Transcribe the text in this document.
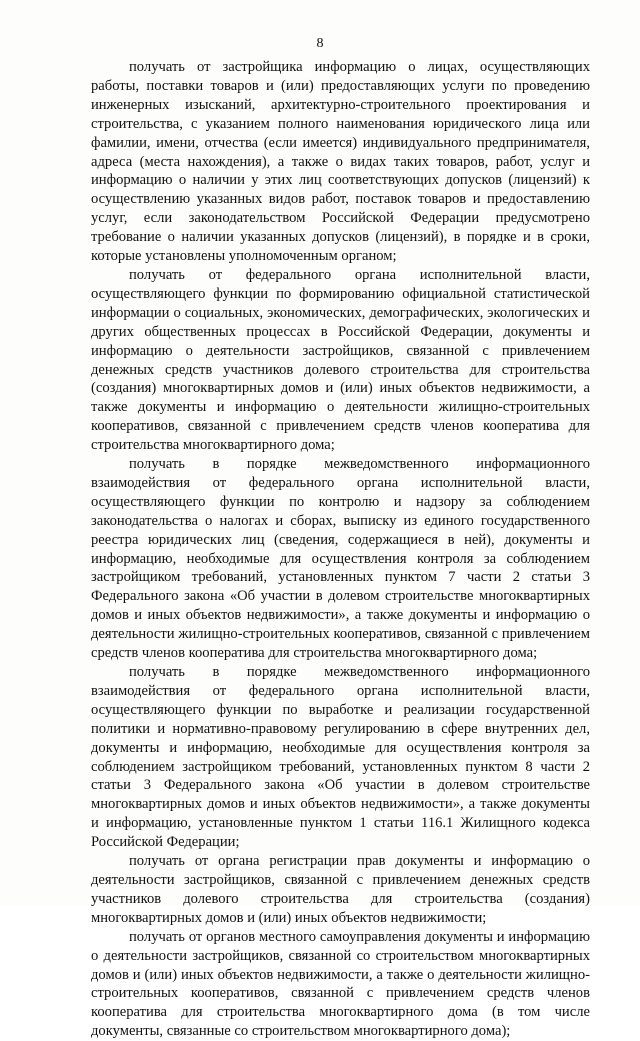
8

получать от застройщика информацию о лицах, осуществляющих работы, поставки товаров и (или) предоставляющих услуги по проведению инженерных изысканий, архитектурно-строительного проектирования и строительства, с указанием полного наименования юридического лица или фамилии, имени, отчества (если имеется) индивидуального предпринимателя, адреса (места нахождения), а также о видах таких товаров, работ, услуг и информацию о наличии у этих лиц соответствующих допусков (лицензий) к осуществлению указанных видов работ, поставок товаров и предоставлению услуг, если законодательством Российской Федерации предусмотрено требование о наличии указанных допусков (лицензий), в порядке и в сроки, которые установлены уполномоченным органом;

получать от федерального органа исполнительной власти, осуществляющего функции по формированию официальной статистической информации о социальных, экономических, демографических, экологических и других общественных процессах в Российской Федерации, документы и информацию о деятельности застройщиков, связанной с привлечением денежных средств участников долевого строительства для строительства (создания) многоквартирных домов и (или) иных объектов недвижимости, а также документы и информацию о деятельности жилищно-строительных кооперативов, связанной с привлечением средств членов кооператива для строительства многоквартирного дома;

получать в порядке межведомственного информационного взаимодействия от федерального органа исполнительной власти, осуществляющего функции по контролю и надзору за соблюдением законодательства о налогах и сборах, выписку из единого государственного реестра юридических лиц (сведения, содержащиеся в ней), документы и информацию, необходимые для осуществления контроля за соблюдением застройщиком требований, установленных пунктом 7 части 2 статьи 3 Федерального закона «Об участии в долевом строительстве многоквартирных домов и иных объектов недвижимости», а также документы и информацию о деятельности жилищно-строительных кооперативов, связанной с привлечением средств членов кооператива для строительства многоквартирного дома;

получать в порядке межведомственного информационного взаимодействия от федерального органа исполнительной власти, осуществляющего функции по выработке и реализации государственной политики и нормативно-правовому регулированию в сфере внутренних дел, документы и информацию, необходимые для осуществления контроля за соблюдением застройщиком требований, установленных пунктом 8 части 2 статьи 3 Федерального закона «Об участии в долевом строительстве многоквартирных домов и иных объектов недвижимости», а также документы и информацию, установленные пунктом 1 статьи 116.1 Жилищного кодекса Российской Федерации;

получать от органа регистрации прав документы и информацию о деятельности застройщиков, связанной с привлечением денежных средств участников долевого строительства для строительства (создания) многоквартирных домов и (или) иных объектов недвижимости;

получать от органов местного самоуправления документы и информацию о деятельности застройщиков, связанной со строительством многоквартирных домов и (или) иных объектов недвижимости, а также о деятельности жилищно-строительных кооперативов, связанной с привлечением средств членов кооператива для строительства многоквартирного дома (в том числе документы, связанные со строительством многоквартирного дома);
